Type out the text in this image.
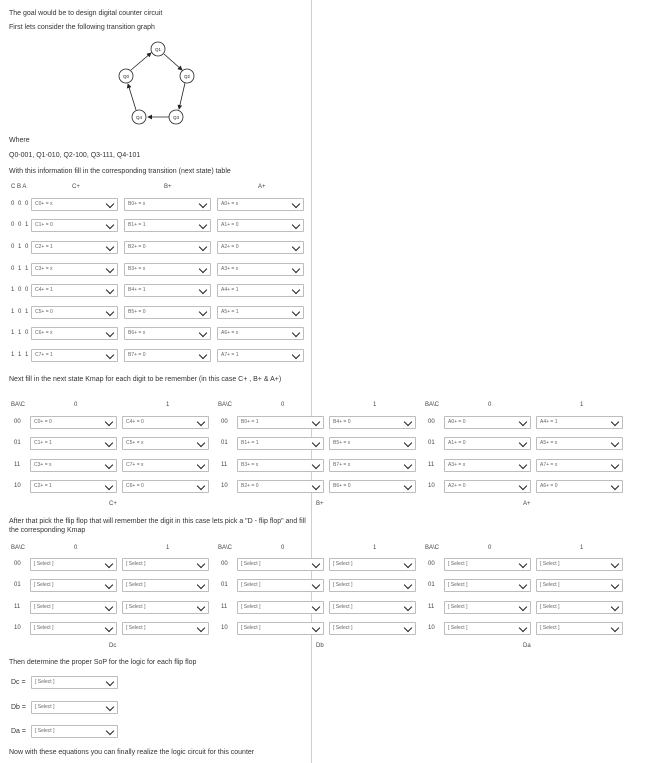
The goal would be to design digital counter circuit
First lets consider the following transition graph
Q1
Q0	Q2
Q4	Q3
Where
Q0-001, Q1-010, Q2-100, Q3-111, Q4-101
With this information fill in the corresponding transition (next state) table
C B A	C+	B+	A+
0 0 0	C0+ = x	B0+ = x	A0+ = x
0 0 1	C1+ = 0	B1+ = 1	A1+ = 0
0 1 0	C2+ = 1	B2+ = 0	A2+ = 0
0 1 1	C3+ = x	B3+ = x	A3+ = x
1 0 0	C4+ = 1	B4+ = 1	A4+ = 1
1 0 1	C5+ = 0	B5+ = 0	A5+ = 1
1 1 0	C6+ = x	B6+ = x	A6+ = x
1 1 1	C7+ = 1	B7+ = 0	A7+ = 1
Next fill in the next state Kmap for each digit to be remember (in this case C+ , B+ & A+)
BA\C	0	1
00	C0+ = 0	C4+ = 0
01	C1+ = 1	C5+ = x
11	C3+ = x	C7+ = x
10	C2+ = 1	C6+ = 0
C+
BA\C	0	1
00	B0+ = 1	B4+ = 0
01	B1+ = 1	B5+ = x
11	B3+ = x	B7+ = x
10	B2+ = 0	B6+ = 0
B+
BA\C	0	1
00	A0+ = 0	A4+ = 1
01	A1+ = 0	A5+ = x
11	A3+ = x	A7+ = x
10	A2+ = 0	A6+ = 0
A+
After that pick the flip flop that will remember the digit in this case lets pick a "D - flip flop" and fill the corresponding Kmap
BA\C	0	1
00	[ Select ]	[ Select ]
01	[ Select ]	[ Select ]
11	[ Select ]	[ Select ]
10	[ Select ]	[ Select ]
Dc
BA\C	0	1
00	[ Select ]	[ Select ]
01	[ Select ]	[ Select ]
11	[ Select ]	[ Select ]
10	[ Select ]	[ Select ]
Db
BA\C	0	1
00	[ Select ]	[ Select ]
01	[ Select ]	[ Select ]
11	[ Select ]	[ Select ]
10	[ Select ]	[ Select ]
Da
Then determine the proper SoP for the logic for each flip flop
Dc =	[ Select ]
Db =	[ Select ]
Da =	[ Select ]
Now with these equations you can finally realize the logic circuit for this counter
